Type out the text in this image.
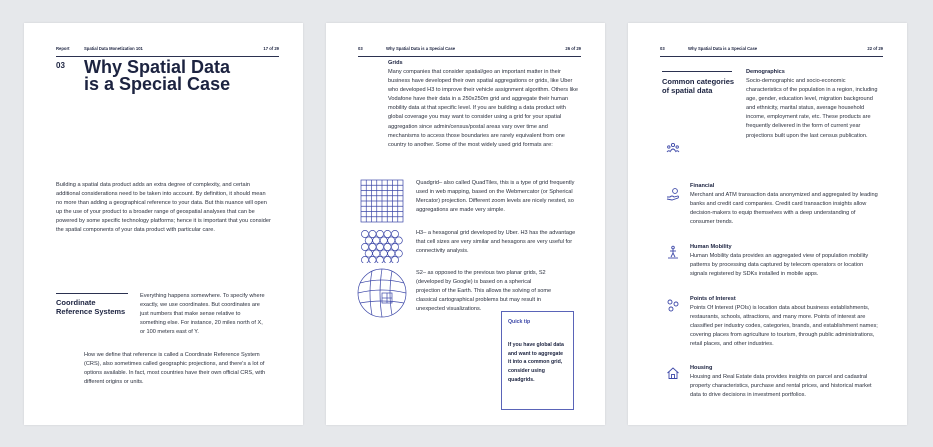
Report	Spatial Data Monetization 101	17 of 29
03 Why Spatial Data is a Special Case
Building a spatial data product adds an extra degree of complexity, and certain additional considerations need to be taken into account. By definition, it should mean no more than adding a geographical reference to your data. But this nuance will open up the use of your product to a broader range of geospatial analyses that can be powered by some specific technology platforms; hence it is important that you consider the spatial components of your data product with particular care.
Coordinate Reference Systems
Everything happens somewhere. To specify where exactly, we use coordinates. But coordinates are just numbers that make sense relative to something else. For instance, 20 miles north of X, or 100 meters east of Y.
How we define that reference is called a Coordinate Reference System (CRS), also sometimes called geographic projections, and there's a lot of options available. In fact, most countries have their own official CRS, with different origins or units.
03	Why Spatial Data is a Special Case	26 of 29
Grids
Many companies that consider spatial/geo an important matter in their business have developed their own spatial aggregations or grids, like Uber who developed H3 to improve their vehicle assignment algorithm. Others like Vodafone have their data in a 250x250m grid and aggregate their human mobility data at that specific level. If you are building a data product with global coverage you may want to consider using a grid for your spatial aggregation since admin/census/postal areas vary over time and mechanisms to access those boundaries are rarely equivalent from one country to another. Some of the most widely used grid formats are:
Quadgrid– also called QuadTiles, this is a type of grid frequently used in web mapping, based on the Webmercator (or Spherical Mercator) projection. Different zoom levels are nicely nested, so aggregations are made very simple.
H3– a hexagonal grid developed by Uber. H3 has the advantage that cell sizes are very similar and hexagons are very useful for connectivity analysis.
S2– as opposed to the previous two planar grids, S2 (developed by Google) is based on a spherical projection of the Earth. This allows the solving of some classical cartographical problems but may result in unexpected visualizations.
Quick tip
If you have global data and want to aggregate it into a common grid, consider using quadgrids.
03	Why Spatial Data is a Special Case	22 of 29
Common categories of spatial data
Demographics
Socio-demographic and socio-economic characteristics of the population in a region, including age, gender, education level, migration background and ethnicity, marital status, average household income, employment rate, etc. These products are frequently delivered in the form of current year projections built upon the last census publication.
Financial
Merchant and ATM transaction data anonymized and aggregated by leading banks and credit card companies. Credit card transaction insights allow decision-makers to equip themselves with a deep understanding of consumer trends.
Human Mobility
Human Mobility data provides an aggregated view of population mobility patterns by processing data captured by telecom operators or location signals registered by SDKs installed in mobile apps.
Points of Interest
Points Of Interest (POIs) is location data about business establishments, restaurants, schools, attractions, and many more. Points of interest are classified per industry codes, categories, brands, and establishment names; covering places from agriculture to tourism, through public administrations, retail places, and other industries.
Housing
Housing and Real Estate data provides insights on parcel and cadastral property characteristics, purchase and rental prices, and historical market data to drive decisions in investment portfolios.
